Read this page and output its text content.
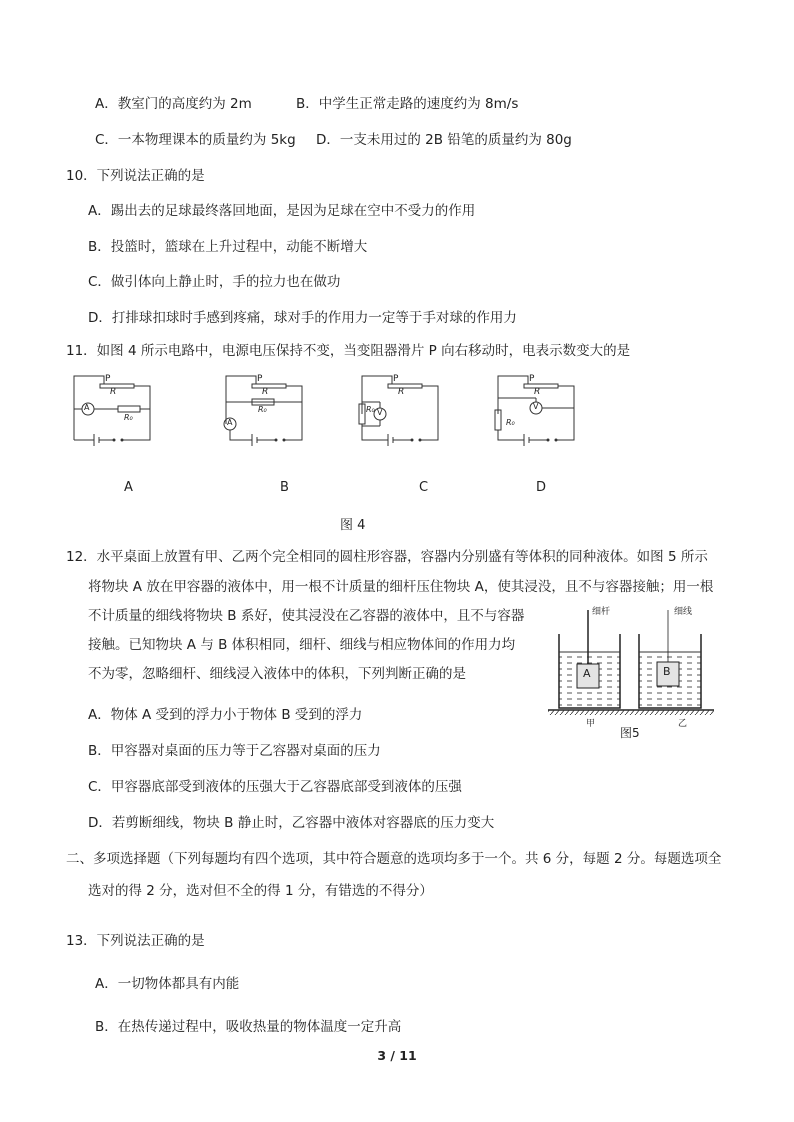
A．教室门的高度约为 2m	B．中学生正常走路的速度约为 8m/s
C．一本物理课本的质量约为 5kg D．一支未用过的 2B 铅笔的质量约为 80g
10．下列说法正确的是
A．踢出去的足球最终落回地面，是因为足球在空中不受力的作用
B．投篮时，篮球在上升过程中，动能不断增大
C．做引体向上静止时，手的拉力也在做功
D．打排球扣球时手感到疼痛，球对手的作用力一定等于手对球的作用力
11．如图 4 所示电路中，电源电压保持不变，当变阻器滑片 P 向右移动时，电表示数变大的是
P
R
A
R₀
P
R
A
R₀
P
R
R₀ V
P
R
V
R₀
A	B	C	D
图 4
12．水平桌面上放置有甲、乙两个完全相同的圆柱形容器，容器内分别盛有等体积的同种液体。如图 5 所示
将物块 A 放在甲容器的液体中，用一根不计质量的细杆压住物块 A，使其浸没，且不与容器接触；用一根
不计质量的细线将物块 B 系好，使其浸没在乙容器的液体中，且不与容器
接触。已知物块 A 与 B 体积相同，细杆、细线与相应物体间的作用力均
不为零，忽略细杆、细线浸入液体中的体积，下列判断正确的是
A．物体 A 受到的浮力小于物体 B 受到的浮力
B．甲容器对桌面的压力等于乙容器对桌面的压力
C．甲容器底部受到液体的压强大于乙容器底部受到液体的压强
D．若剪断细线，物块 B 静止时，乙容器中液体对容器底的压力变大
细杆	细线
A	B
甲	乙
图5
二、多项选择题（下列每题均有四个选项，其中符合题意的选项均多于一个。共 6 分，每题 2 分。每题选项全
选对的得 2 分，选对但不全的得 1 分，有错选的不得分）
13．下列说法正确的是
A．一切物体都具有内能
B．在热传递过程中，吸收热量的物体温度一定升高
3 / 11
